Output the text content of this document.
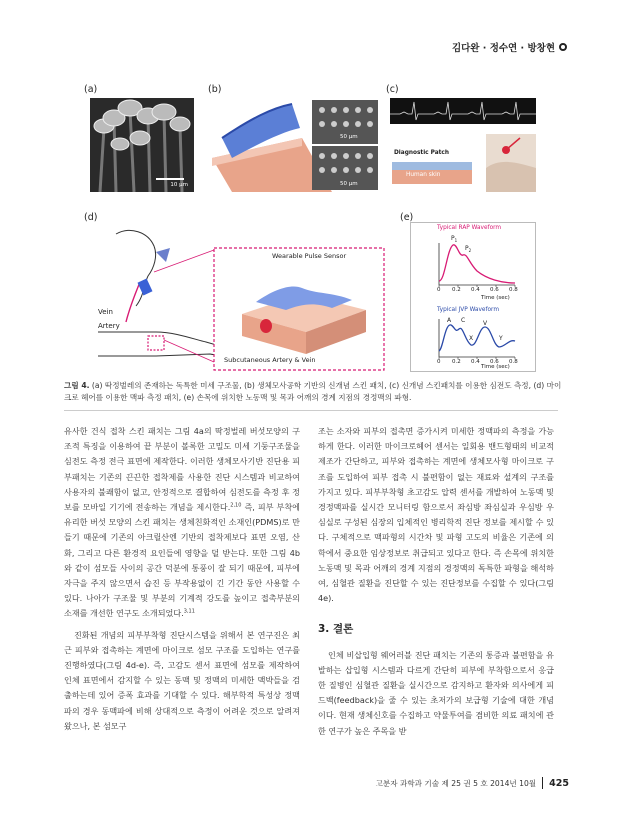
김다완 · 정수연 · 방창현
(a)	(b)	(c)
(d)	(e)
10 μm
50 μm
50 μm
Diagnostic Patch
Human skin
Wearable Pulse Sensor
Subcutaneous Artery & Vein
Vein
Artery
Typical RAP Waveform
$P_1$
$P_2$
0 0.2 0.4 0.6 0.8
Time (sec)
Typical JVP Waveform
A C
X
V
Y
0 0.2 0.4 0.6 0.8
Time (sec)
그림 4. (a) 딱정벌레의 존재하는 독특한 미세 구조물, (b) 생체모사공학 기반의 신개념 스킨 패치, (c) 신개념 스킨패치를 이용한 심전도 측정, (d) 마이크로 헤어를 이용한 맥파 측정 패치, (e) 손목에 위치한 노동맥 및 목과 어깨의 경계 지점의 경정맥의 파형.

유사한 건식 접착 스킨 패치는 그림 4a의 딱정벌레 버섯모양의 구조적 특징을 이용하여 끝 부분이 볼록한 고밀도 미세 기둥구조물을 심전도 측정 전극 표면에 제작한다. 이러한 생체모사기반 진단용 피부패치는 기존의 끈끈한 접착제를 사용한 진단 시스템과 비교하여 사용자의 불쾌함이 없고, 안정적으로 결합하여 심전도를 측정 후 정보를 모바일 기기에 전송하는 개념을 제시한다.$^{2,10}$ 즉, 피부 부착에 유리한 버섯 모양의 스킨 패치는 생체친화적인 소재인(PDMS)로 만들기 때문에 기존의 아크릴산엔 기반의 접착제보다 표면 오염, 산화, 그리고 다른 환경적 요인들에 영향을 덜 받는다. 또한 그림 4b와 같이 섬모들 사이의 공간 덕분에 통풍이 잘 되기 때문에, 피부에 자극을 주지 않으면서 습진 등 부작용없이 긴 기간 동안 사용할 수 있다. 나아가 구조물 및 부분의 기계적 강도를 높이고 접촉부분의 소재를 개선한 연구도 소개되었다.$^{3,11}$

진화된 개념의 피부부착형 진단시스템을 위해서 본 연구진은 최근 피부와 접촉하는 계면에 마이크로 섬모 구조를 도입하는 연구를 진행하였다(그림 4d-e). 즉, 고감도 센서 표면에 섬모를 제작하여 인체 표면에서 감지할 수 있는 동맥 및 정맥의 미세한 맥박들을 검출하는데 있어 증폭 효과를 기대할 수 있다. 해부학적 특성상 정맥파의 경우 동맥파에 비해 상대적으로 측정이 어려운 것으로 알려져 왔으나, 본 섬모구

조는 소자와 피부의 접촉면 증가시켜 미세한 정맥파의 측정을 가능하게 한다. 이러한 마이크로헤어 센서는 일회용 밴드형태의 비교적 제조가 간단하고, 피부와 접촉하는 계면에 생체모사형 마이크로 구조를 도입하여 피부 접촉 시 불편함이 없는 재료와 설계의 구조를 가지고 있다. 피부부착형 초고감도 압력 센서를 개발하여 노동맥 및 경정맥파를 실시간 모니터링 함으로서 좌심방 좌심실과 우심방 우심실로 구성된 심장의 입체적인 병리학적 진단 정보를 제시할 수 있다. 구체적으로 맥파형의 시간차 및 파형 고도의 비율은 기존에 의학에서 중요한 임상정보로 취급되고 있다고 한다. 즉 손목에 위치한 노동맥 및 목과 어깨의 경계 지점의 경정맥의 독특한 파형을 해석하여, 심혈관 질환을 진단할 수 있는 진단정보를 수집할 수 있다(그림4e).

3. 결론

인체 비삽입형 웨어러블 진단 패치는 기존의 통증과 불편함을 유발하는 삽입형 시스템과 다르게 간단히 피부에 부착함으로서 응급한 질병인 심혈관 질환을 실시간으로 감지하고 환자와 의사에게 피드백(feedback)을 줄 수 있는 초저가의 보급형 기술에 대한 개념이다. 현재 생체신호를 수집하고 약물투여를 겸비한 의료 패치에 관한 연구가 높은 주목을 받

고분자 과학과 기술 제 25 권 5 호 2014년 10월 425
